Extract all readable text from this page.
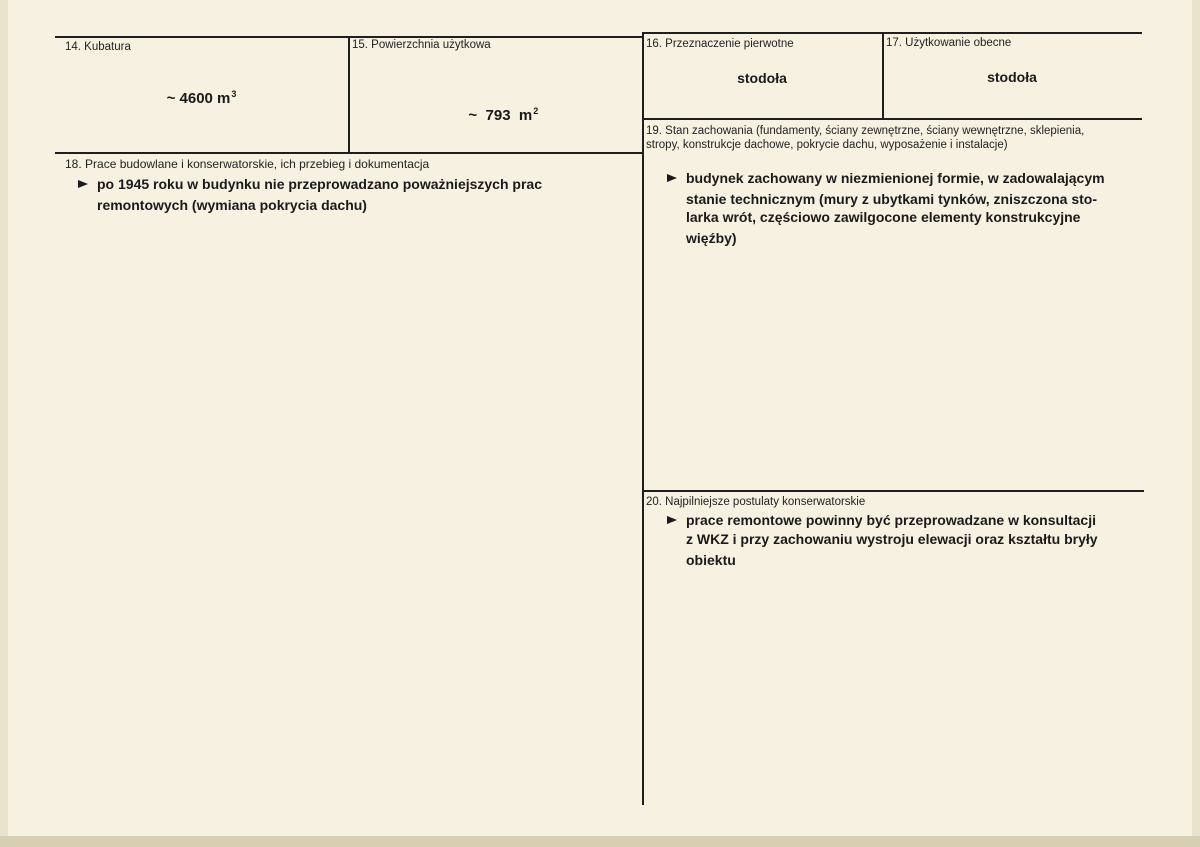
14. Kubatura
~ 4600 $m^3$
15. Powierzchnia użytkowa

~  793  $m^2$

16. Przeznaczenie pierwotne
stodoła
17. Użytkowanie obecne
stodoła
18. Prace budowlane i konserwatorskie, ich przebieg i dokumentacja
po 1945 roku w budynku nie przeprowadzano poważniejszych prac
remontowych (wymiana pokrycia dachu)
19. Stan zachowania (fundamenty, ściany zewnętrzne, ściany wewnętrzne, sklepienia,
stropy, konstrukcje dachowe, pokrycie dachu, wyposażenie i instalacje)
budynek zachowany w niezmienionej formie, w zadowalającym
stanie technicznym (mury z ubytkami tynków, zniszczona sto-
larka wrót, częściowo zawilgocone elementy konstrukcyjne
więźby)
20. Najpilniejsze postulaty konserwatorskie
prace remontowe powinny być przeprowadzane w konsultacji
z WKZ i przy zachowaniu wystroju elewacji oraz kształtu bryły
obiektu
